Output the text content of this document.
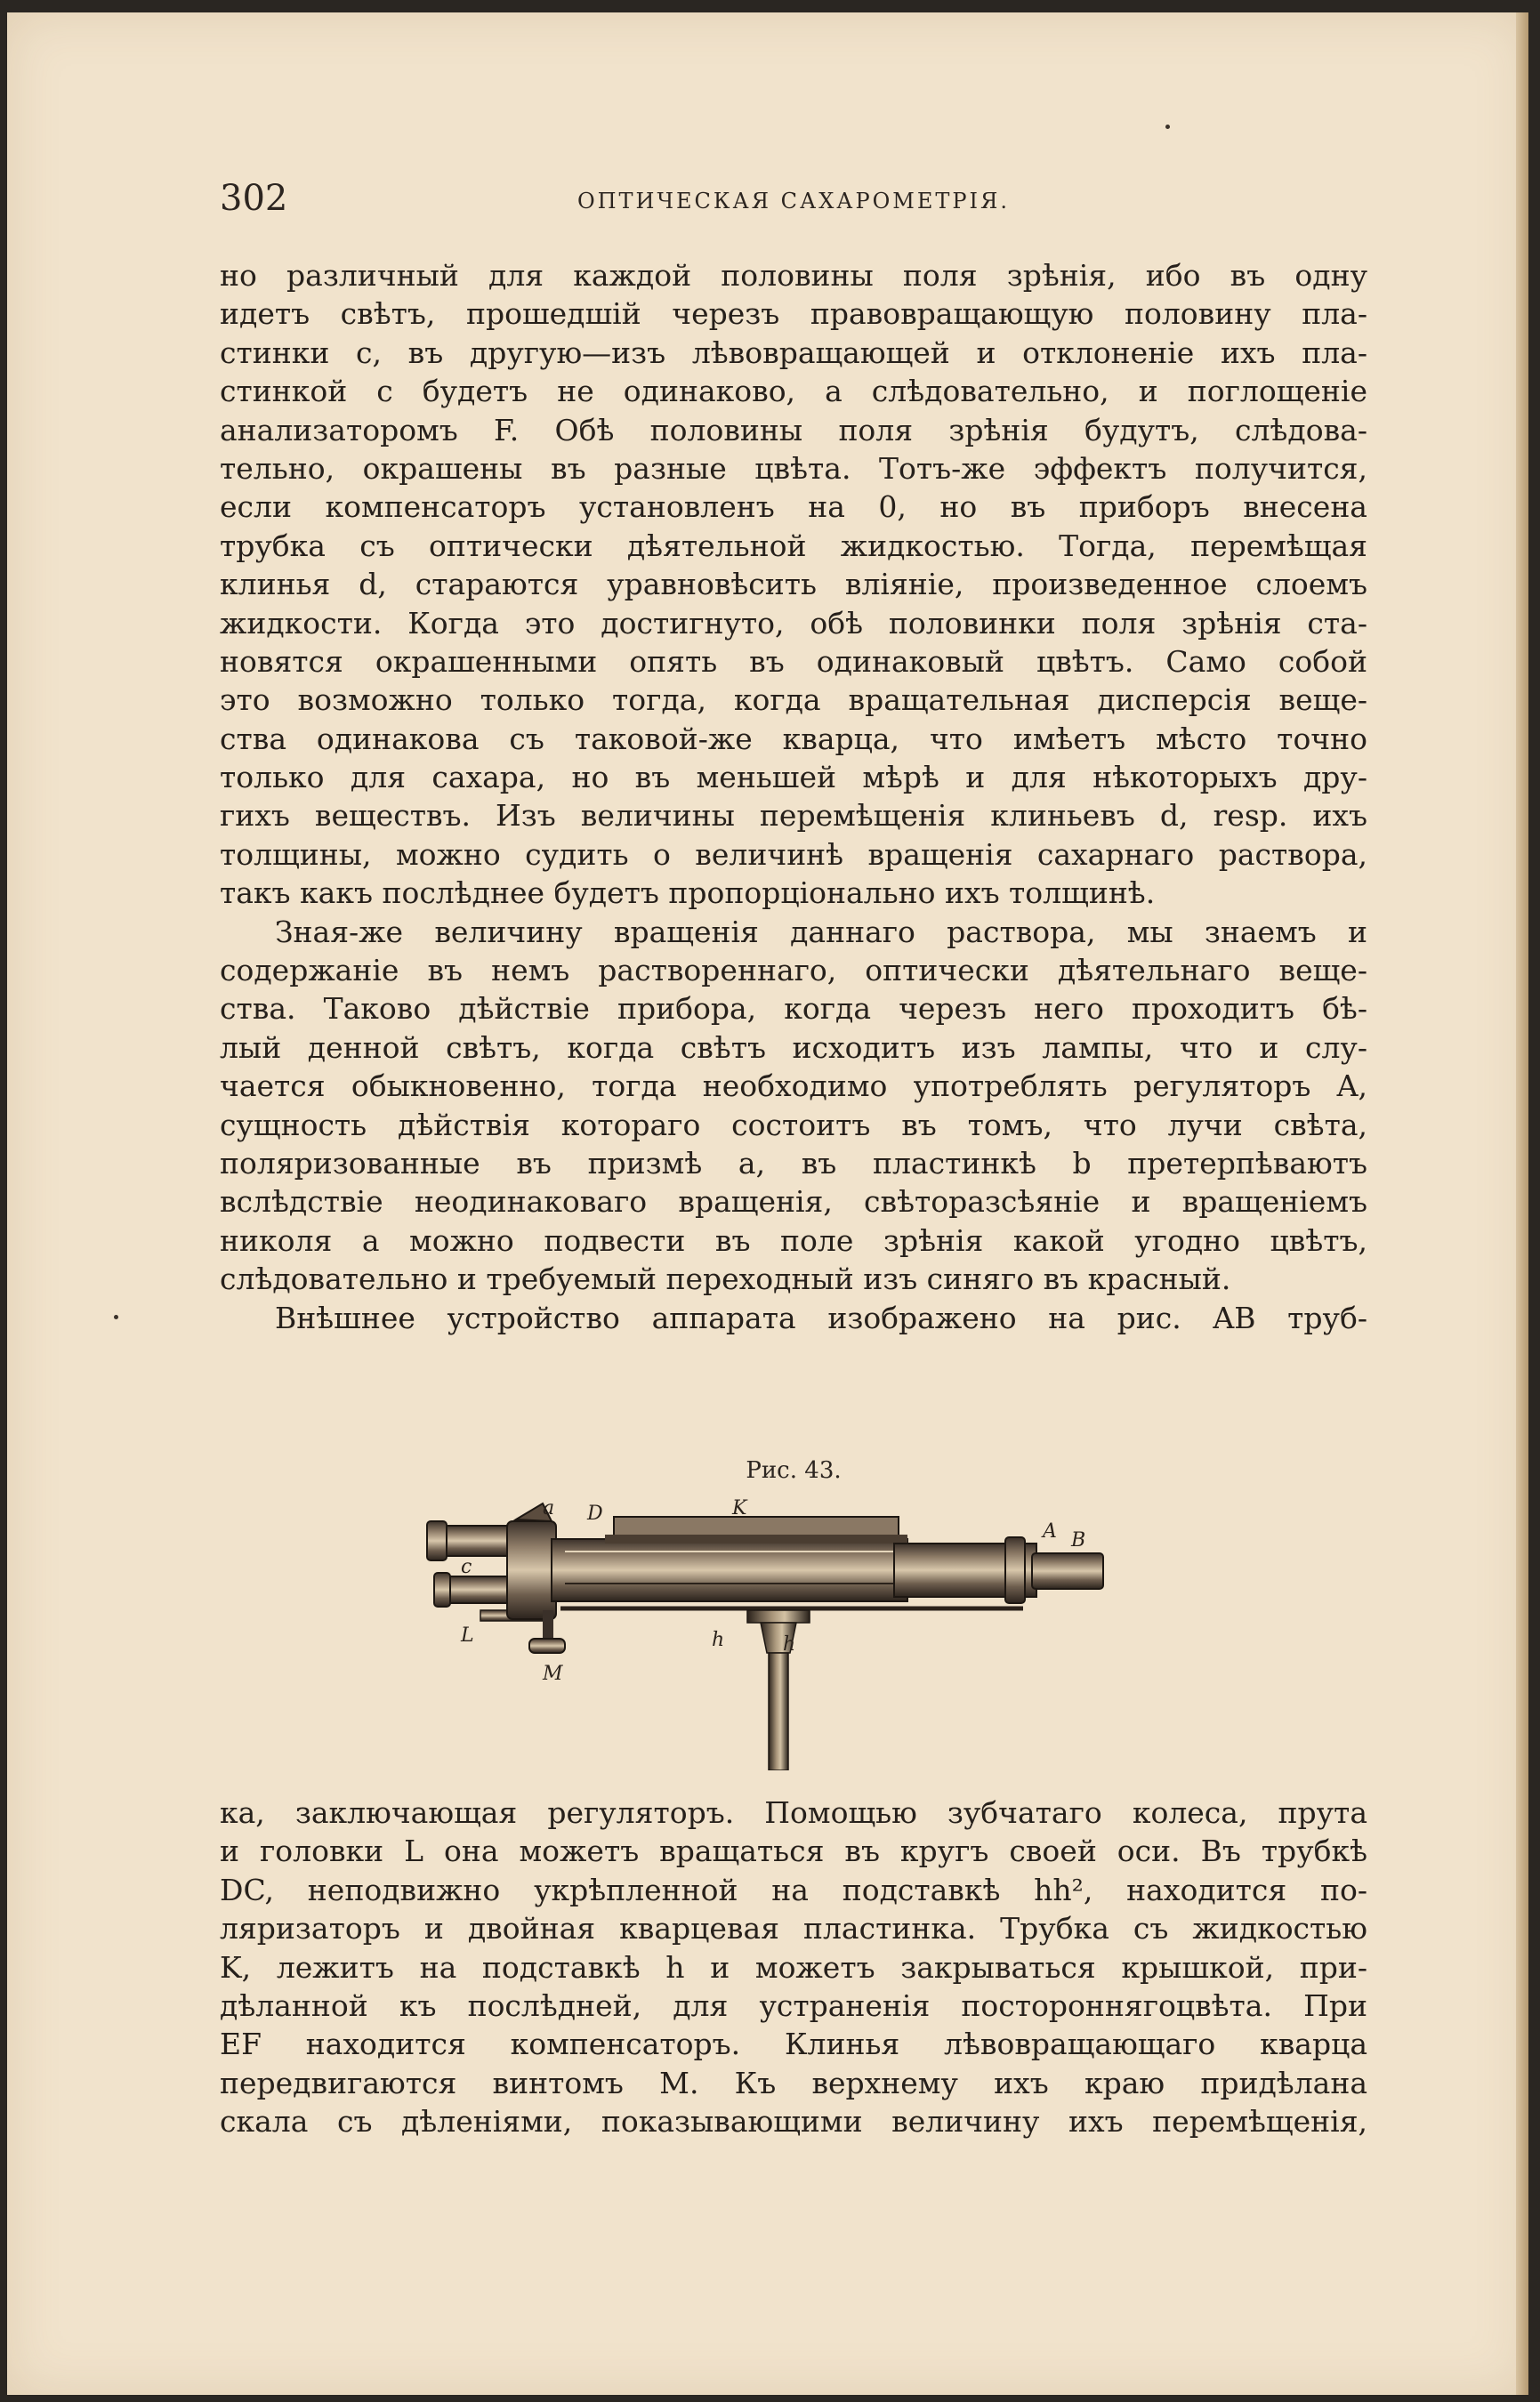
302	ОПТИЧЕСКАЯ САХАРОМЕТРІЯ.
но различный для каждой половины поля зрѣнія, ибо въ одну
идетъ свѣтъ, прошедшій черезъ правовращающую половину пла-
стинки с, въ другую—изъ лѣвовращающей и отклоненіе ихъ пла-
стинкой с будетъ не одинаково, а слѣдовательно, и поглощеніе
анализаторомъ F. Обѣ половины поля зрѣнія будутъ, слѣдова-
тельно, окрашены въ разные цвѣта. Тотъ-же эффектъ получится,
если компенсаторъ установленъ на 0, но въ приборъ внесена
трубка съ оптически дѣятельной жидкостью. Тогда, перемѣщая
клинья d, стараются уравновѣсить вліяніе, произведенное слоемъ
жидкости. Когда это достигнуто, обѣ половинки поля зрѣнія ста-
новятся окрашенными опять въ одинаковый цвѣтъ. Само собой
это возможно только тогда, когда вращательная дисперсія веще-
ства одинакова съ таковой-же кварца, что имѣетъ мѣсто точно
только для сахара, но въ меньшей мѣрѣ и для нѣкоторыхъ дру-
гихъ веществъ. Изъ величины перемѣщенія клиньевъ d, resp. ихъ
толщины, можно судить о величинѣ вращенія сахарнаго раствора,
такъ какъ послѣднее будетъ пропорціонально ихъ толщинѣ.
Зная-же величину вращенія даннаго раствора, мы знаемъ и
содержаніе въ немъ раствореннаго, оптически дѣятельнаго веще-
ства. Таково дѣйствіе прибора, когда черезъ него проходитъ бѣ-
лый денной свѣтъ, когда свѣтъ исходитъ изъ лампы, что и слу-
чается обыкновенно, тогда необходимо употреблять регуляторъ A,
сущность дѣйствія котораго состоитъ въ томъ, что лучи свѣта,
поляризованные въ призмѣ a, въ пластинкѣ b претерпѣваютъ
вслѣдствіе неодинаковаго вращенія, свѣторазсѣяніе и вращеніемъ
николя a можно подвести въ поле зрѣнія какой угодно цвѣтъ,
слѣдовательно и требуемый переходный изъ синяго въ красный.
Внѣшнее устройство аппарата изображено на рис. AB труб-
Рис. 43.
a D	K
A B
c
L	h	h
M
ка, заключающая регуляторъ. Помощью зубчатаго колеса, прута
и головки L она можетъ вращаться въ кругъ своей оси. Въ трубкѣ
DC, неподвижно укрѣпленной на подставкѣ hh², находится по-
ляризаторъ и двойная кварцевая пластинка. Трубка съ жидкостью
K, лежитъ на подставкѣ h и можетъ закрываться крышкой, при-
дѣланной къ послѣдней, для устраненія постороннягоцвѣта. При
EF находится компенсаторъ. Клинья лѣвовращающаго кварца
передвигаются винтомъ M. Къ верхнему ихъ краю придѣлана
скала съ дѣленіями, показывающими величину ихъ перемѣщенія,
